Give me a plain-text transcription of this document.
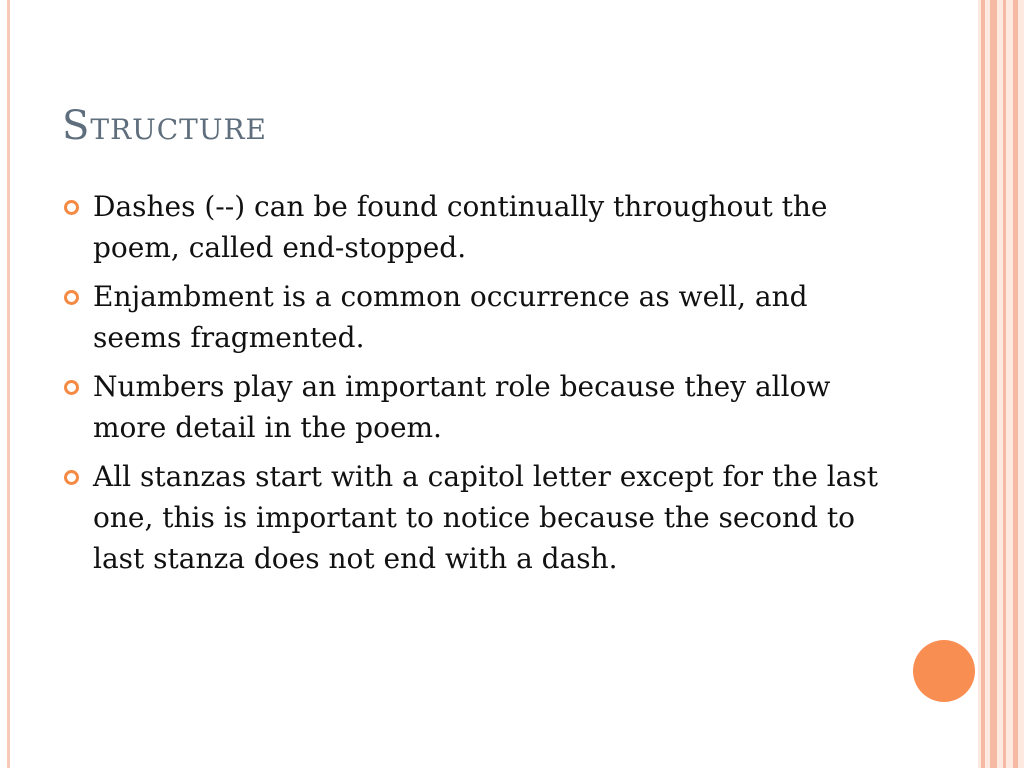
Structure
Dashes (--) can be found continually throughout the poem, called end-stopped.
Enjambment is a common occurrence as well, and seems fragmented.
Numbers play an important role because they allow more detail in the poem.
All stanzas start with a capitol letter except for the last one, this is important to notice because the second to last stanza does not end with a dash.
